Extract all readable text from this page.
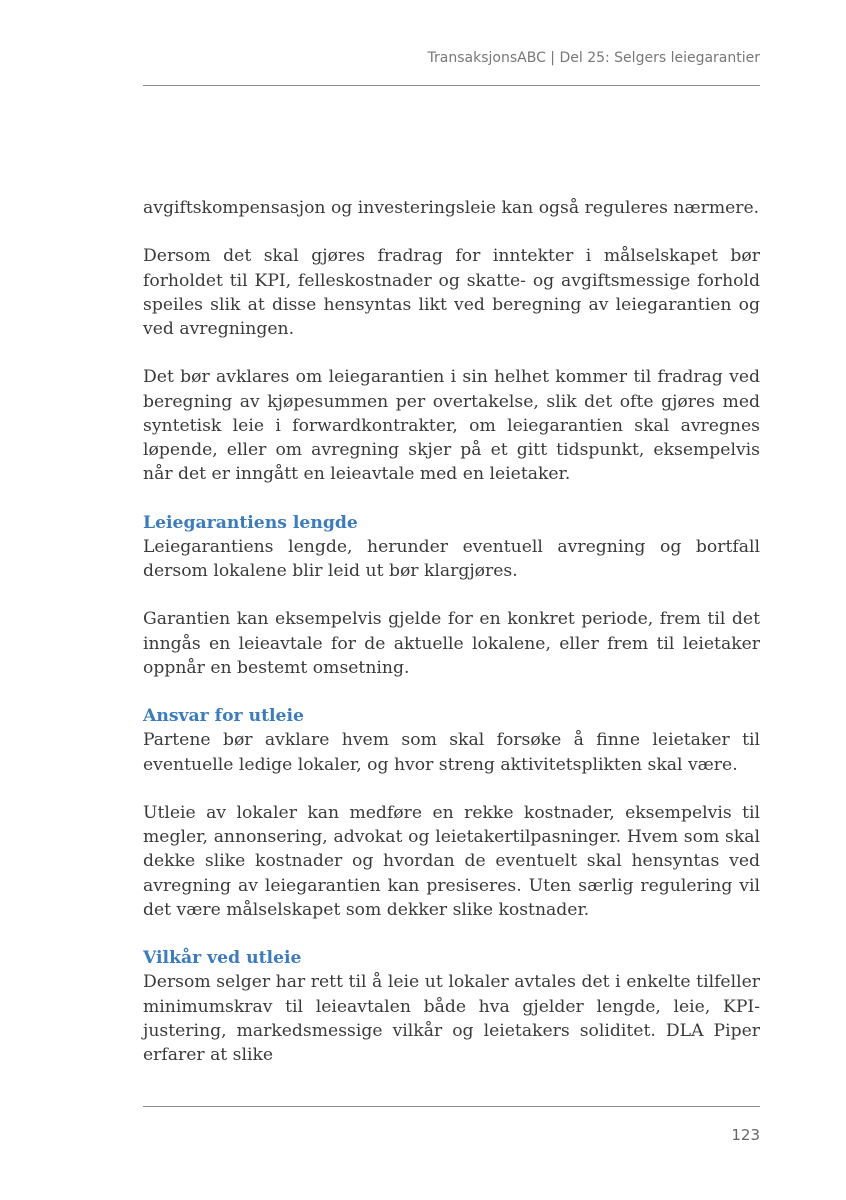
TransaksjonsABC | Del 25: Selgers leiegarantier

avgiftskompensasjon og investeringsleie kan også reguleres nærmere.

Dersom det skal gjøres fradrag for inntekter i målselskapet bør forholdet til KPI, felleskostnader og skatte- og avgiftsmessige forhold speiles slik at disse hensyntas likt ved beregning av leiegarantien og ved avregningen.

Det bør avklares om leiegarantien i sin helhet kommer til fradrag ved beregning av kjøpesummen per overtakelse, slik det ofte gjøres med syntetisk leie i forwardkontrakter, om leiegarantien skal avregnes løpende, eller om avregning skjer på et gitt tidspunkt, eksempelvis når det er inngått en leieavtale med en leietaker.

Leiegarantiens lengde

Leiegarantiens lengde, herunder eventuell avregning og bortfall dersom lokalene blir leid ut bør klargjøres.

Garantien kan eksempelvis gjelde for en konkret periode, frem til det inngås en leieavtale for de aktuelle lokalene, eller frem til leietaker oppnår en bestemt omsetning.

Ansvar for utleie

Partene bør avklare hvem som skal forsøke å finne leietaker til eventuelle ledige lokaler, og hvor streng aktivitetsplikten skal være.

Utleie av lokaler kan medføre en rekke kostnader, eksempelvis til megler, annonsering, advokat og leietakertilpasninger. Hvem som skal dekke slike kostnader og hvordan de eventuelt skal hensyntas ved avregning av leiegarantien kan presiseres. Uten særlig regulering vil det være målselskapet som dekker slike kostnader.

Vilkår ved utleie

Dersom selger har rett til å leie ut lokaler avtales det i enkelte tilfeller minimumskrav til leieavtalen både hva gjelder lengde, leie, KPI-justering, markedsmessige vilkår og leietakers soliditet. DLA Piper erfarer at slike

123
